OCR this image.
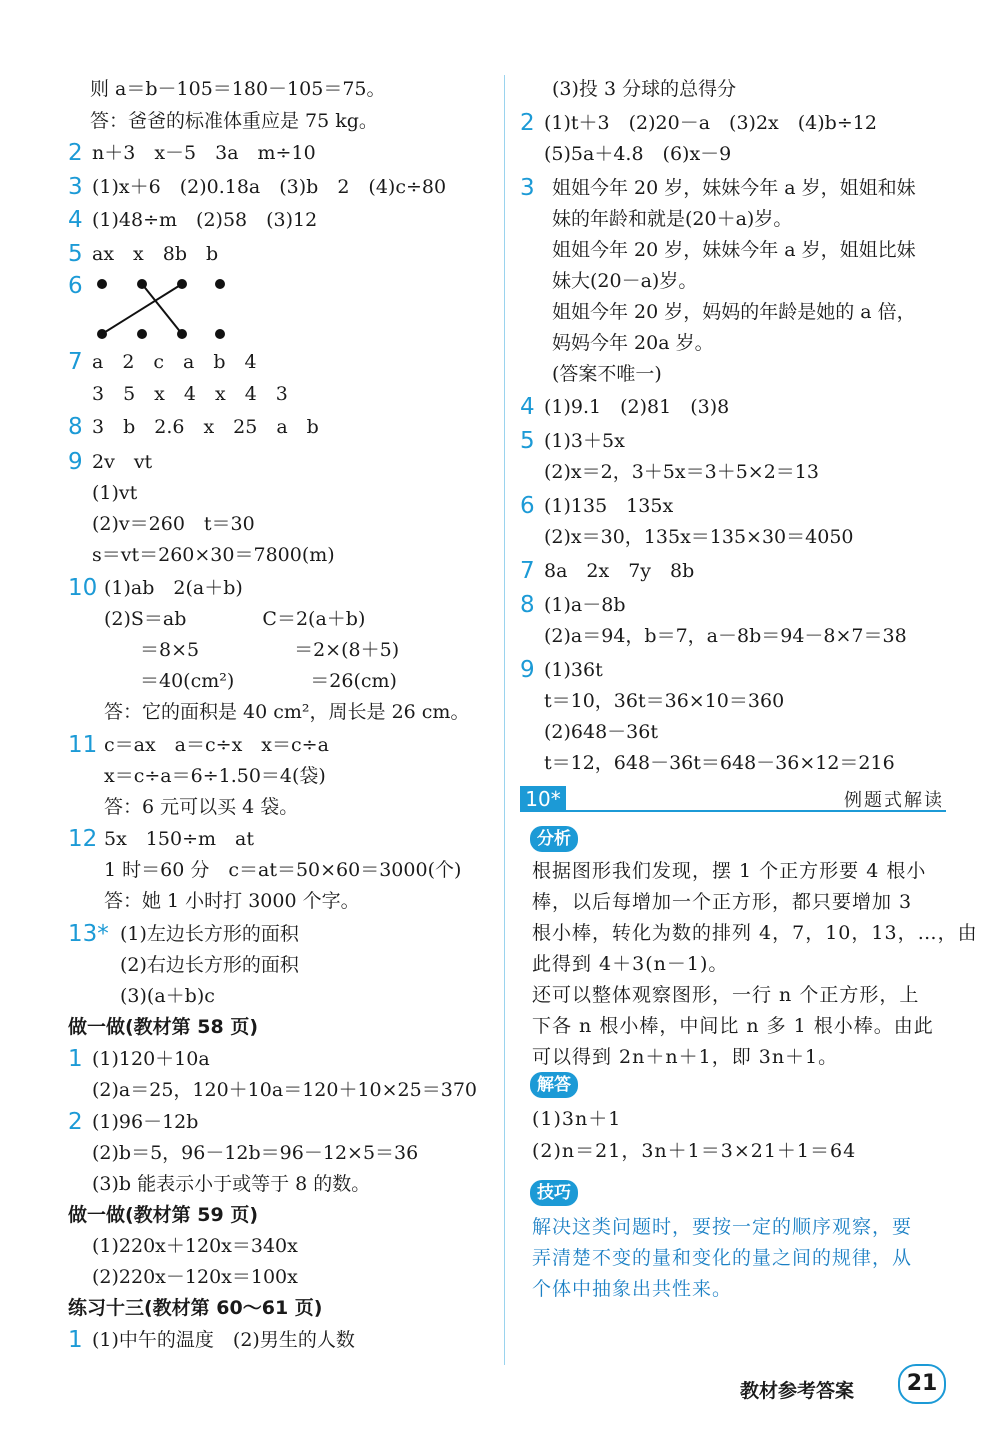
10*	例题式解读
分析
解答
技巧
教材参考答案	21
则 a＝b－105＝180－105＝75。
答：爸爸的标准体重应是 75 kg。
2 n＋3　x－5　3a　m÷10
3 (1)x＋6　(2)0.18a　(3)b　2　(4)c÷80
4 (1)48÷m　(2)58　(3)12
5 ax　x　8b　b
6
7 a　2　c　a　b　4
3　5　x　4　x　4　3
8 3　b　2.6　x　25　a　b
9 2v　vt
(1)vt
(2)v＝260　t＝30
s＝vt＝260×30＝7800(m)
10 (1)ab　2(a＋b)
(2)S＝ab　　　　C＝2(a＋b)
＝8×5　　　　　＝2×(8＋5)
＝40(cm²)　　　　＝26(cm)
答：它的面积是 40 cm²，周长是 26 cm。
11 c＝ax　a＝c÷x　x＝c÷a
x＝c÷a＝6÷1.50＝4(袋)
答：6 元可以买 4 袋。
12 5x　150÷m　at
1 时＝60 分　c＝at＝50×60＝3000(个)
答：她 1 小时打 3000 个字。
13* (1)左边长方形的面积
(2)右边长方形的面积
(3)(a＋b)c
1 (1)120＋10a
(2)a＝25，120＋10a＝120＋10×25＝370
2 (1)96－12b
(2)b＝5，96－12b＝96－12×5＝36
(3)b 能表示小于或等于 8 的数。
(1)220x＋120x＝340x
(2)220x－120x＝100x
1 (1)中午的温度　(2)男生的人数
(3)投 3 分球的总得分
2 (1)t＋3　(2)20－a　(3)2x　(4)b÷12
(5)5a＋4.8　(6)x－9
3 姐姐今年 20 岁，妹妹今年 a 岁，姐姐和妹
妹的年龄和就是(20＋a)岁。
姐姐今年 20 岁，妹妹今年 a 岁，姐姐比妹
妹大(20－a)岁。
姐姐今年 20 岁，妈妈的年龄是她的 a 倍，
妈妈今年 20a 岁。
(答案不唯一)
4 (1)9.1　(2)81　(3)8
5 (1)3＋5x
(2)x＝2，3＋5x＝3＋5×2＝13
6 (1)135　135x
(2)x＝30，135x＝135×30＝4050
7 8a　2x　7y　8b
8 (1)a－8b
(2)a＝94，b＝7，a－8b＝94－8×7＝38
9 (1)36t
t＝10，36t＝36×10＝360
(2)648－36t
t＝12，648－36t＝648－36×12＝216
做一做(教材第 58 页)
做一做(教材第 59 页)
练习十三(教材第 60～61 页)
根据图形我们发现，摆 1 个正方形要 4 根小
棒，以后每增加一个正方形，都只要增加 3
根小棒，转化为数的排列 4，7，10，13，…，由
此得到 4＋3(n－1)。
还可以整体观察图形，一行 n 个正方形，上
下各 n 根小棒，中间比 n 多 1 根小棒。由此
可以得到 2n＋n＋1，即 3n＋1。
(1)3n＋1
(2)n＝21，3n＋1＝3×21＋1＝64
解决这类问题时，要按一定的顺序观察，要
弄清楚不变的量和变化的量之间的规律，从
个体中抽象出共性来。
